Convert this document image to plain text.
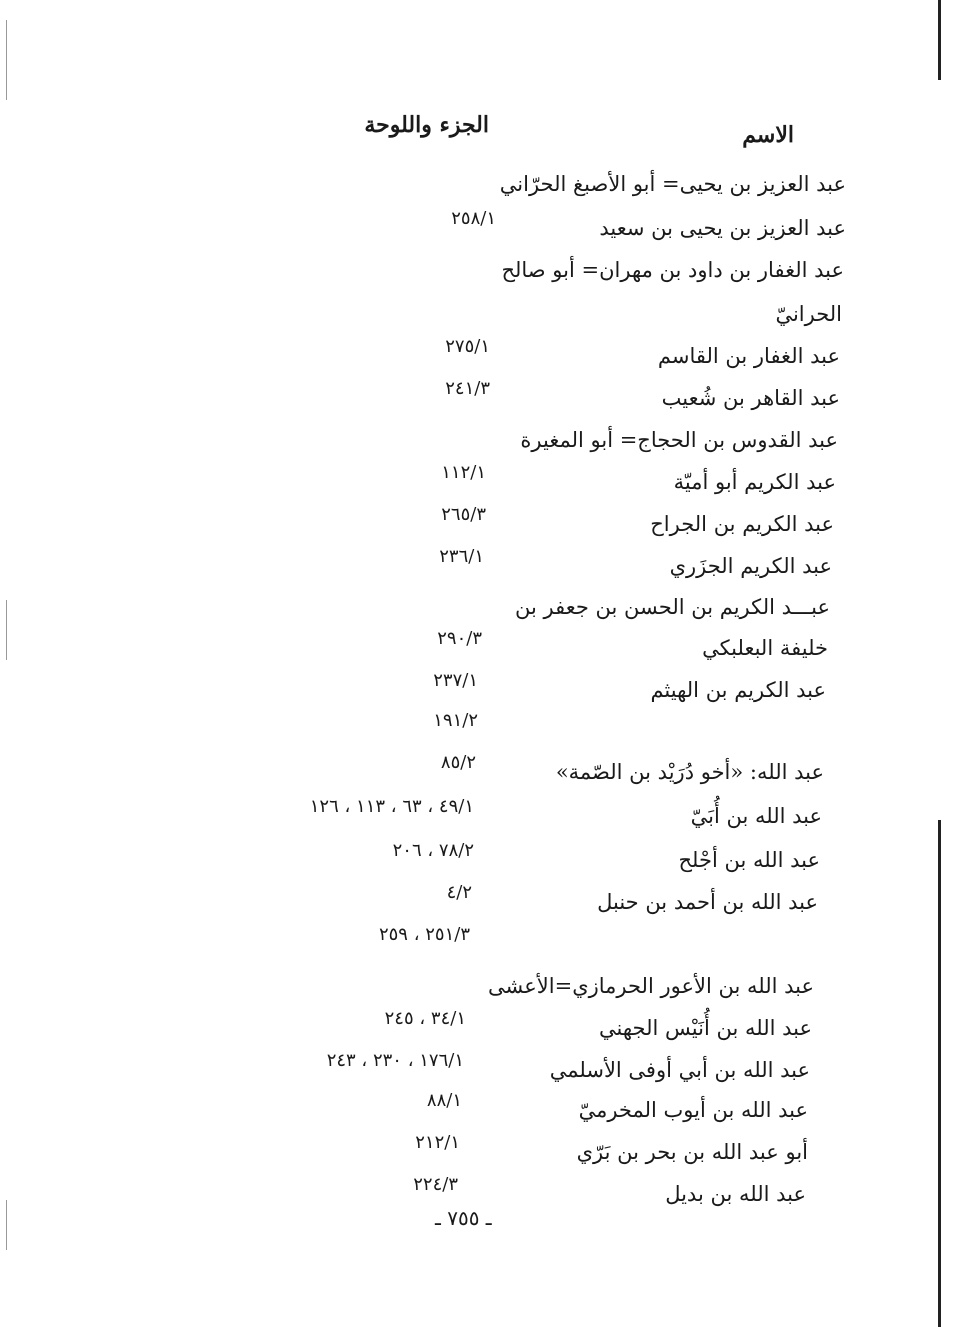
الجزء واللوحة	الاسم
عبد العزيز بن يحيى= أبو الأصبغ الحرّاني
عبد العزيز بن يحيى بن سعيد
٢٥٨/١
عبد الغفار بن داود بن مهران= أبو صالح
الحرانيّ
عبد الغفار بن القاسم
٢٧٥/١
عبد القاهر بن شُعيب
٢٤١/٣
عبد القدوس بن الحجاج= أبو المغيرة
عبد الكريم أبو أميّة
١١٢/١
عبد الكريم بن الجراح
٢٦٥/٣
عبد الكريم الجزَري
٢٣٦/١
عبـــد الكريم بن الحسن بن جعفر بن
خليفة البعلبكي
٢٩٠/٣
عبد الكريم بن الهيثم
٢٣٧/١
١٩١/٢
عبد الله: «أخو دُرَيْد بن الصّمة»
٨٥/٢
عبد الله بن أُبَيّ
٤٩/١ ، ٦٣ ، ١١٣ ، ١٢٦
عبد الله بن أجْلح
٧٨/٢ ، ٢٠٦
عبد الله بن أحمد بن حنبل
٤/٢
٢٥١/٣ ، ٢٥٩
عبد الله بن الأعور الحرمازي=الأعشى
عبد الله بن أُنَيْس الجهني
٣٤/١ ، ٢٤٥
عبد الله بن أبي أوفى الأسلمي
١٧٦/١ ، ٢٣٠ ، ٢٤٣
عبد الله بن أيوب المخرميّ
٨٨/١
أبو عبد الله بن بحر بن بَرّي
٢١٢/١
عبد الله بن بديل
٢٢٤/٣
ـ ٧٥٥ ـ
